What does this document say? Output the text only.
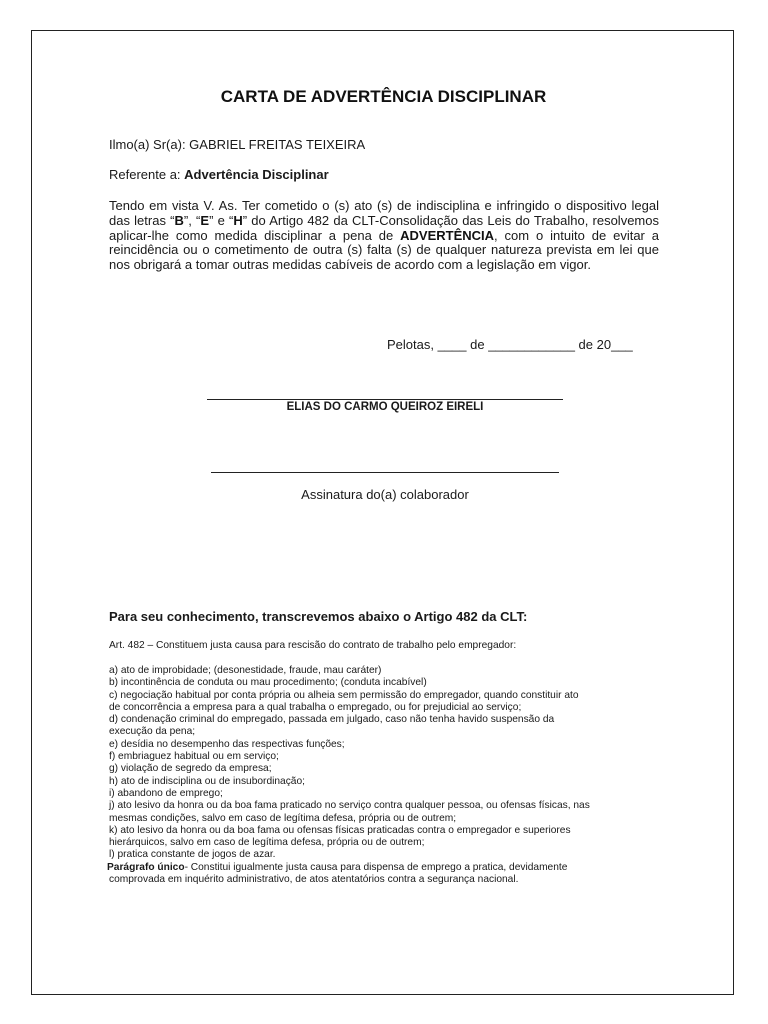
CARTA DE ADVERTÊNCIA DISCIPLINAR
Ilmo(a) Sr(a): GABRIEL FREITAS TEIXEIRA
Referente a: Advertência Disciplinar
Tendo em vista V. As. Ter cometido o (s) ato (s) de indisciplina e infringido o dispositivo legal das letras “B”, “E” e “H” do Artigo 482 da CLT-Consolidação das Leis do Trabalho, resolvemos aplicar-lhe como medida disciplinar a pena de ADVERTÊNCIA, com o intuito de evitar a reincidência ou o cometimento de outra (s) falta (s) de qualquer natureza prevista em lei que nos obrigará a tomar outras medidas cabíveis de acordo com a legislação em vigor.
Pelotas, ____ de ____________ de 20___
ELIAS DO CARMO QUEIROZ EIRELI
Assinatura do(a) colaborador
Para seu conhecimento, transcrevemos abaixo o Artigo 482 da CLT:
Art. 482 – Constituem justa causa para rescisão do contrato de trabalho pelo empregador:
a) ato de improbidade; (desonestidade, fraude, mau caráter)
b) incontinência de conduta ou mau procedimento; (conduta incabível)
c) negociação habitual por conta própria ou alheia sem permissão do empregador, quando constituir ato
de concorrência a empresa para a qual trabalha o empregado, ou for prejudicial ao serviço;
d) condenação criminal do empregado, passada em julgado, caso não tenha havido suspensão da
execução da pena;
e) desídia no desempenho das respectivas funções;
f) embriaguez habitual ou em serviço;
g) violação de segredo da empresa;
h) ato de indisciplina ou de insubordinação;
i) abandono de emprego;
j) ato lesivo da honra ou da boa fama praticado no serviço contra qualquer pessoa, ou ofensas físicas, nas
mesmas condições, salvo em caso de legítima defesa, própria ou de outrem;
k) ato lesivo da honra ou da boa fama ou ofensas físicas praticadas contra o empregador e superiores
hierárquicos, salvo em caso de legítima defesa, própria ou de outrem;
l) pratica constante de jogos de azar.
Parágrafo único- Constitui igualmente justa causa para dispensa de emprego a pratica, devidamente
comprovada em inquérito administrativo, de atos atentatórios contra a segurança nacional.
